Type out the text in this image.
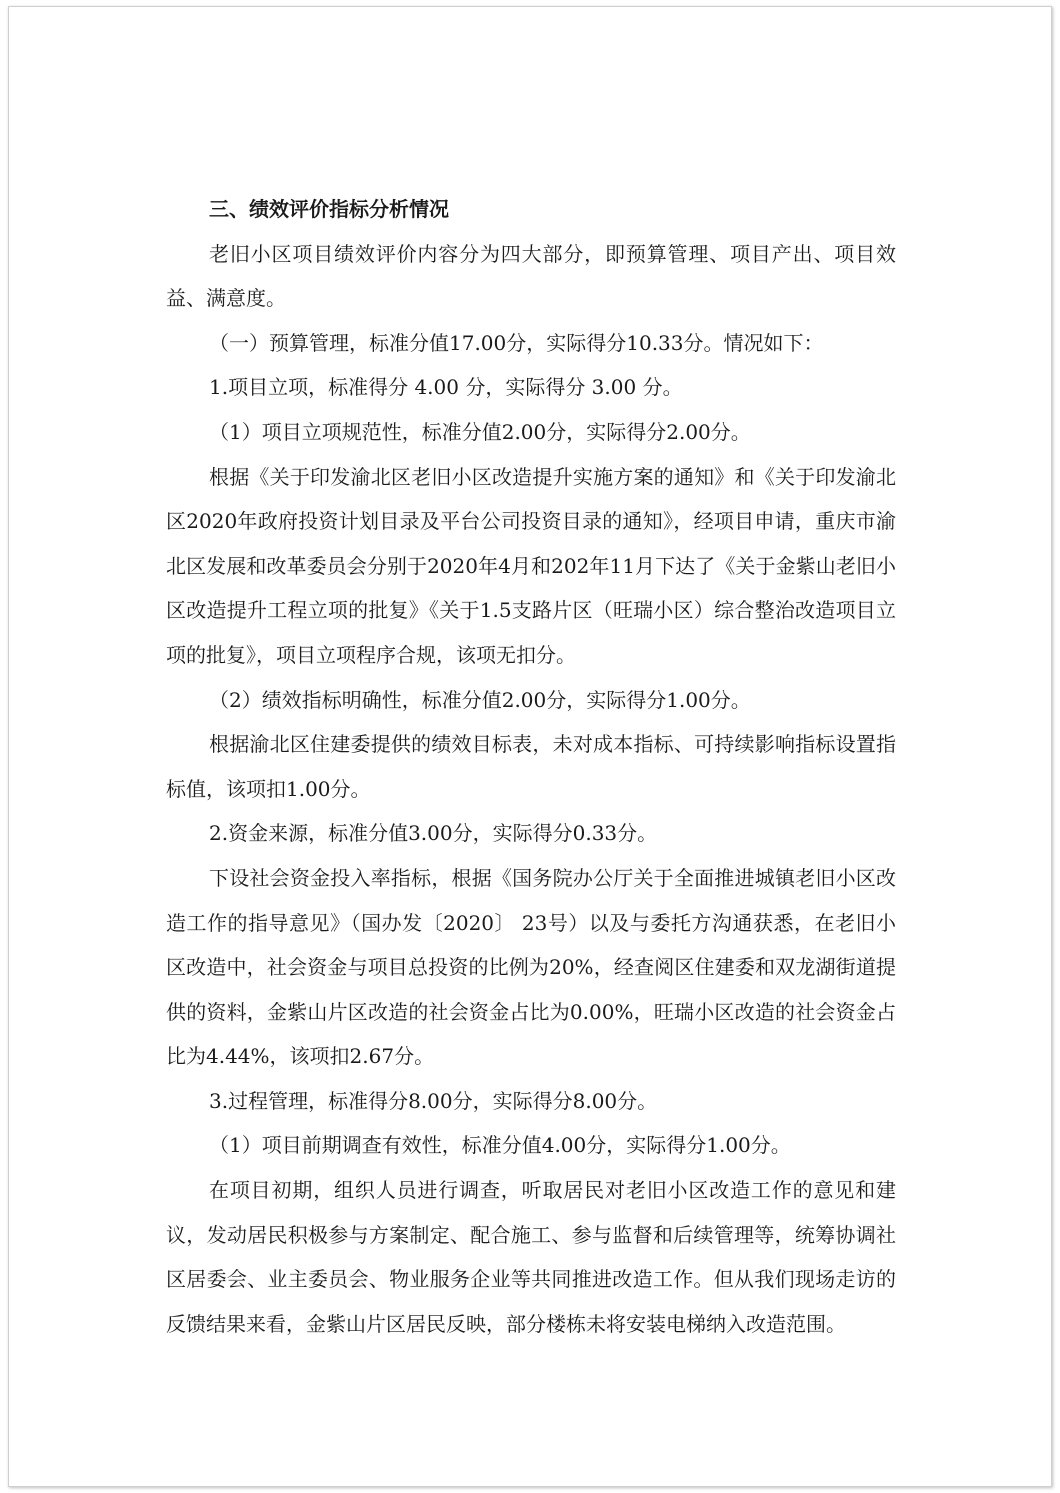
三、绩效评价指标分析情况

老旧小区项目绩效评价内容分为四大部分，即预算管理、项目产出、项目效益、满意度。

（一）预算管理，标准分值17.00分，实际得分10.33分。情况如下：

1.项目立项，标准得分 4.00 分，实际得分 3.00 分。

（1）项目立项规范性，标准分值2.00分，实际得分2.00分。

根据《关于印发渝北区老旧小区改造提升实施方案的通知》和《关于印发渝北区2020年政府投资计划目录及平台公司投资目录的通知》，经项目申请，重庆市渝北区发展和改革委员会分别于2020年4月和202年11月下达了《关于金紫山老旧小区改造提升工程立项的批复》《关于1.5支路片区（旺瑞小区）综合整治改造项目立项的批复》，项目立项程序合规，该项无扣分。

（2）绩效指标明确性，标准分值2.00分，实际得分1.00分。

根据渝北区住建委提供的绩效目标表，未对成本指标、可持续影响指标设置指标值，该项扣1.00分。

2.资金来源，标准分值3.00分，实际得分0.33分。

下设社会资金投入率指标，根据《国务院办公厅关于全面推进城镇老旧小区改造工作的指导意见》（国办发〔2020〕 23号）以及与委托方沟通获悉，在老旧小区改造中，社会资金与项目总投资的比例为20%，经查阅区住建委和双龙湖街道提供的资料，金紫山片区改造的社会资金占比为0.00%，旺瑞小区改造的社会资金占比为4.44%，该项扣2.67分。

3.过程管理，标准得分8.00分，实际得分8.00分。

（1）项目前期调查有效性，标准分值4.00分，实际得分1.00分。

在项目初期，组织人员进行调查，听取居民对老旧小区改造工作的意见和建议，发动居民积极参与方案制定、配合施工、参与监督和后续管理等，统筹协调社区居委会、业主委员会、物业服务企业等共同推进改造工作。但从我们现场走访的反馈结果来看，金紫山片区居民反映，部分楼栋未将安装电梯纳入改造范围。
